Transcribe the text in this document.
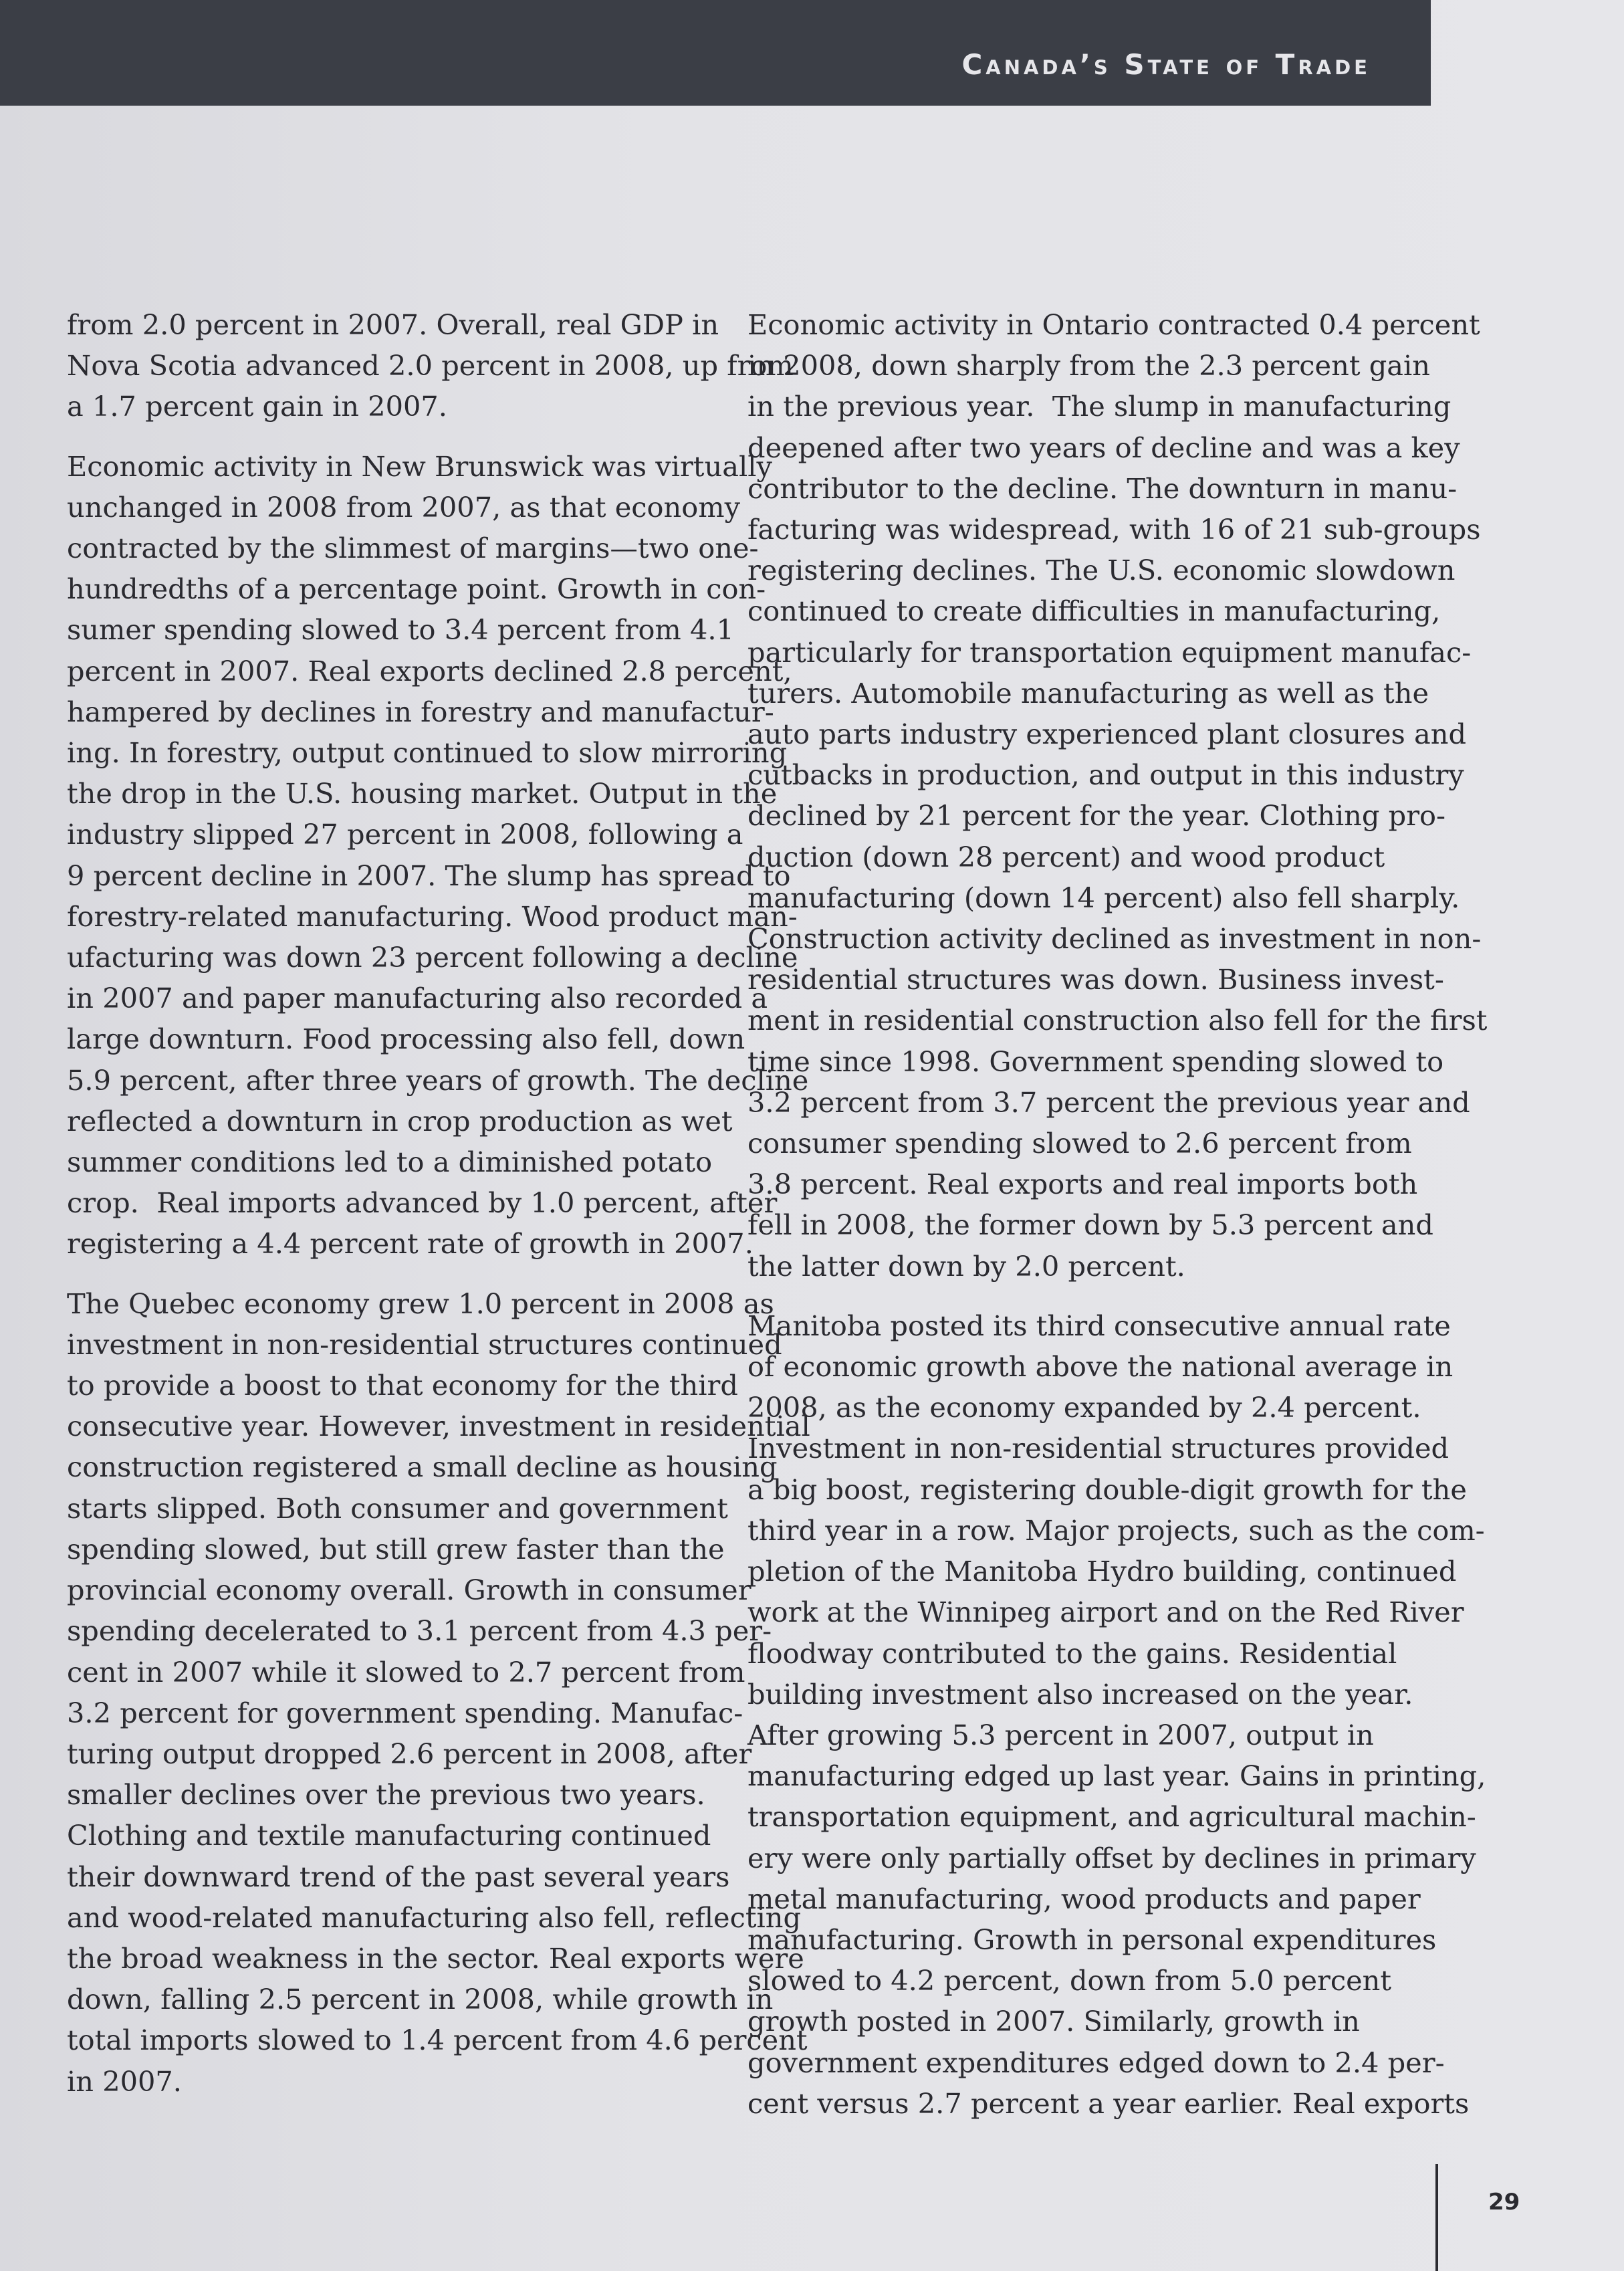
Canada’s State of Trade
from 2.0 percent in 2007. Overall, real GDP in
Nova Scotia advanced 2.0 percent in 2008, up from
a 1.7 percent gain in 2007.
Economic activity in New Brunswick was virtually
unchanged in 2008 from 2007, as that economy
contracted by the slimmest of margins—two one-
hundredths of a percentage point. Growth in con-
sumer spending slowed to 3.4 percent from 4.1
percent in 2007. Real exports declined 2.8 percent,
hampered by declines in forestry and manufactur-
ing. In forestry, output continued to slow mirroring
the drop in the U.S. housing market. Output in the
industry slipped 27 percent in 2008, following a
9 percent decline in 2007. The slump has spread to
forestry-related manufacturing. Wood product man-
ufacturing was down 23 percent following a decline
in 2007 and paper manufacturing also recorded a
large downturn. Food processing also fell, down
5.9 percent, after three years of growth. The decline
reflected a downturn in crop production as wet
summer conditions led to a diminished potato
crop.  Real imports advanced by 1.0 percent, after
registering a 4.4 percent rate of growth in 2007.
The Quebec economy grew 1.0 percent in 2008 as
investment in non-residential structures continued
to provide a boost to that economy for the third
consecutive year. However, investment in residential
construction registered a small decline as housing
starts slipped. Both consumer and government
spending slowed, but still grew faster than the
provincial economy overall. Growth in consumer
spending decelerated to 3.1 percent from 4.3 per-
cent in 2007 while it slowed to 2.7 percent from
3.2 percent for government spending. Manufac-
turing output dropped 2.6 percent in 2008, after
smaller declines over the previous two years.
Clothing and textile manufacturing continued
their downward trend of the past several years
and wood-related manufacturing also fell, reflecting
the broad weakness in the sector. Real exports were
down, falling 2.5 percent in 2008, while growth in
total imports slowed to 1.4 percent from 4.6 percent
in 2007.
Economic activity in Ontario contracted 0.4 percent
in 2008, down sharply from the 2.3 percent gain
in the previous year.  The slump in manufacturing
deepened after two years of decline and was a key
contributor to the decline. The downturn in manu-
facturing was widespread, with 16 of 21 sub-groups
registering declines. The U.S. economic slowdown
continued to create difficulties in manufacturing,
particularly for transportation equipment manufac-
turers. Automobile manufacturing as well as the
auto parts industry experienced plant closures and
cutbacks in production, and output in this industry
declined by 21 percent for the year. Clothing pro-
duction (down 28 percent) and wood product
manufacturing (down 14 percent) also fell sharply.
Construction activity declined as investment in non-
residential structures was down. Business invest-
ment in residential construction also fell for the first
time since 1998. Government spending slowed to
3.2 percent from 3.7 percent the previous year and
consumer spending slowed to 2.6 percent from
3.8 percent. Real exports and real imports both
fell in 2008, the former down by 5.3 percent and
the latter down by 2.0 percent.
Manitoba posted its third consecutive annual rate
of economic growth above the national average in
2008, as the economy expanded by 2.4 percent.
Investment in non-residential structures provided
a big boost, registering double-digit growth for the
third year in a row. Major projects, such as the com-
pletion of the Manitoba Hydro building, continued
work at the Winnipeg airport and on the Red River
floodway contributed to the gains. Residential
building investment also increased on the year.
After growing 5.3 percent in 2007, output in
manufacturing edged up last year. Gains in printing,
transportation equipment, and agricultural machin-
ery were only partially offset by declines in primary
metal manufacturing, wood products and paper
manufacturing. Growth in personal expenditures
slowed to 4.2 percent, down from 5.0 percent
growth posted in 2007. Similarly, growth in
government expenditures edged down to 2.4 per-
cent versus 2.7 percent a year earlier. Real exports
29
